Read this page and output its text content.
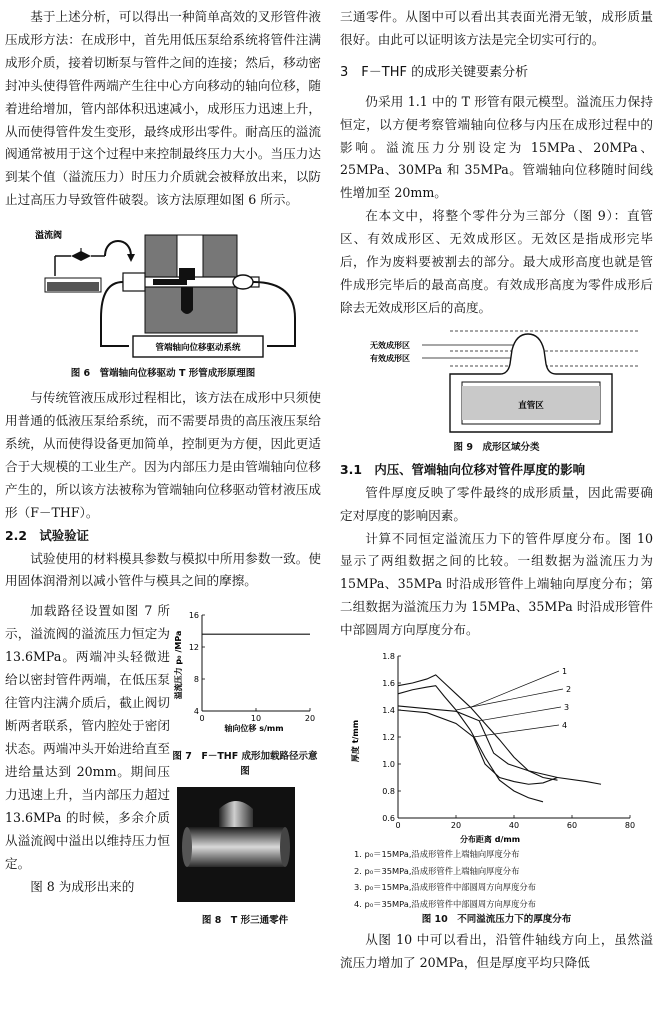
基于上述分析，可以得出一种简单高效的叉形管件液压成形方法：在成形中，首先用低压泵给系统将管件注满成形介质，接着切断泵与管件之间的连接；然后，移动密封冲头使得管件两端产生往中心方向移动的轴向位移，随着进给增加，管内部体积迅速减小，成形压力迅速上升，从而使得管件发生变形，最终成形出零件。耐高压的溢流阀通常被用于这个过程中来控制最终压力大小。当压力达到某个值（溢流压力）时压力介质就会被释放出来，以防止过高压力导致管件破裂。该方法原理如图 6 所示。

溢流阀
管端轴向位移驱动系统
图 6　管端轴向位移驱动 T 形管成形原理图

与传统管液压成形过程相比，该方法在成形中只须使用普通的低液压泵给系统，而不需要昂贵的高压液压泵给系统，从而使得设备更加简单，控制更为方便，因此更适合于大规模的工业生产。因为内部压力是由管端轴向位移产生的，所以该方法被称为管端轴向位移驱动管材液压成形（F－THF）。

2.2　试验验证

试验使用的材料模具参数与模拟中所用参数一致。使用固体润滑剂以减小管件与模具之间的摩擦。

加载路径设置如图 7 所示，溢流阀的溢流压力恒定为 13.6MPa。两端冲头轻微进给以密封管件两端，在低压泵往管内注满介质后，截止阀切断两者联系，管内腔处于密闭状态。两端冲头开始进给直至进给量达到 20mm。期间压力迅速上升，当内部压力超过 13.6MPa 的时候，多余介质从溢流阀中溢出以维持压力恒定。

图 8 为成形出来的

溢流压力 p₀ /MPa
轴向位移 s/mm
0	10	20
4
8
12
16
图 7　F－THF 成形加载路径示意图
图 8　T 形三通零件

三通零件。从图中可以看出其表面光滑无皱，成形质量很好。由此可以证明该方法是完全切实可行的。

3　F－THF 的成形关键要素分析

仍采用 1.1 中的 T 形管有限元模型。溢流压力保持恒定，以方便考察管端轴向位移与内压在成形过程中的影响。溢流压力分别设定为 15MPa、20MPa、25MPa、30MPa 和 35MPa。管端轴向位移随时间线性增加至 20mm。

在本文中，将整个零件分为三部分（图 9）：直管区、有效成形区、无效成形区。无效区是指成形完毕后，作为废料要被割去的部分。最大成形高度也就是管件成形完毕后的最高高度。有效成形高度为零件成形后除去无效成形区后的高度。

无效成形区
有效成形区
直管区
图 9　成形区域分类

3.1　内压、管端轴向位移对管件厚度的影响

管件厚度反映了零件最终的成形质量，因此需要确定对厚度的影响因素。

计算不同恒定溢流压力下的管件厚度分布。图 10 显示了两组数据之间的比较。一组数据为溢流压力为 15MPa、35MPa 时沿成形管件上端轴向厚度分布；第二组数据为溢流压力为 15MPa、35MPa 时沿成形管件中部圆周方向厚度分布。

厚度 t/mm
分布距离 d/mm
0	20	40	60	80
0.6
0.8
1.0
1.2
1.4
1.6
1.8
1
2
3
4
1. p₀＝15MPa,沿成形管件上端轴向厚度分布
2. p₀＝35MPa,沿成形管件上端轴向厚度分布
3. p₀＝15MPa,沿成形管件中部圆周方向厚度分布
4. p₀＝35MPa,沿成形管件中部圆周方向厚度分布
图 10　不同溢流压力下的厚度分布

从图 10 中可以看出，沿管件轴线方向上，虽然溢流压力增加了 20MPa，但是厚度平均只降低
